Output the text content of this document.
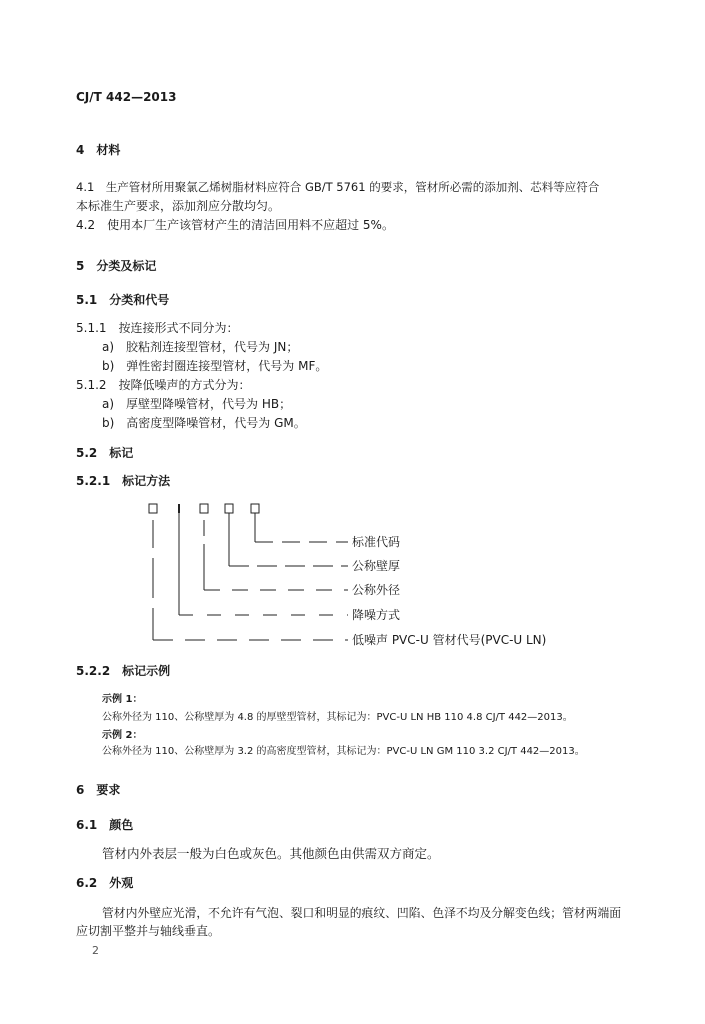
CJ/T 442—2013
4　材料
4.1　生产管材所用聚氯乙烯树脂材料应符合 GB/T 5761 的要求，管材所必需的添加剂、芯料等应符合
本标准生产要求，添加剂应分散均匀。
4.2　使用本厂生产该管材产生的清洁回用料不应超过 5%。
5　分类及标记
5.1　分类和代号
5.1.1　按连接形式不同分为：
a)　胶粘剂连接型管材，代号为 JN；
b)　弹性密封圈连接型管材，代号为 MF。
5.1.2　按降低噪声的方式分为：
a)　厚壁型降噪管材，代号为 HB；
b)　高密度型降噪管材，代号为 GM。
5.2　标记
5.2.1　标记方法
标准代码
公称壁厚
公称外径
降噪方式
低噪声 PVC-U 管材代号(PVC-U LN)
5.2.2　标记示例
示例 1：
公称外径为 110、公称壁厚为 4.8 的厚壁型管材，其标记为：PVC-U LN HB 110 4.8 CJ/T 442—2013。
示例 2：
公称外径为 110、公称壁厚为 3.2 的高密度型管材，其标记为：PVC-U LN GM 110 3.2 CJ/T 442—2013。
6　要求
6.1　颜色
管材内外表层一般为白色或灰色。其他颜色由供需双方商定。
6.2　外观
管材内外壁应光滑，不允许有气泡、裂口和明显的痕纹、凹陷、色泽不均及分解变色线；管材两端面
应切割平整并与轴线垂直。
2
